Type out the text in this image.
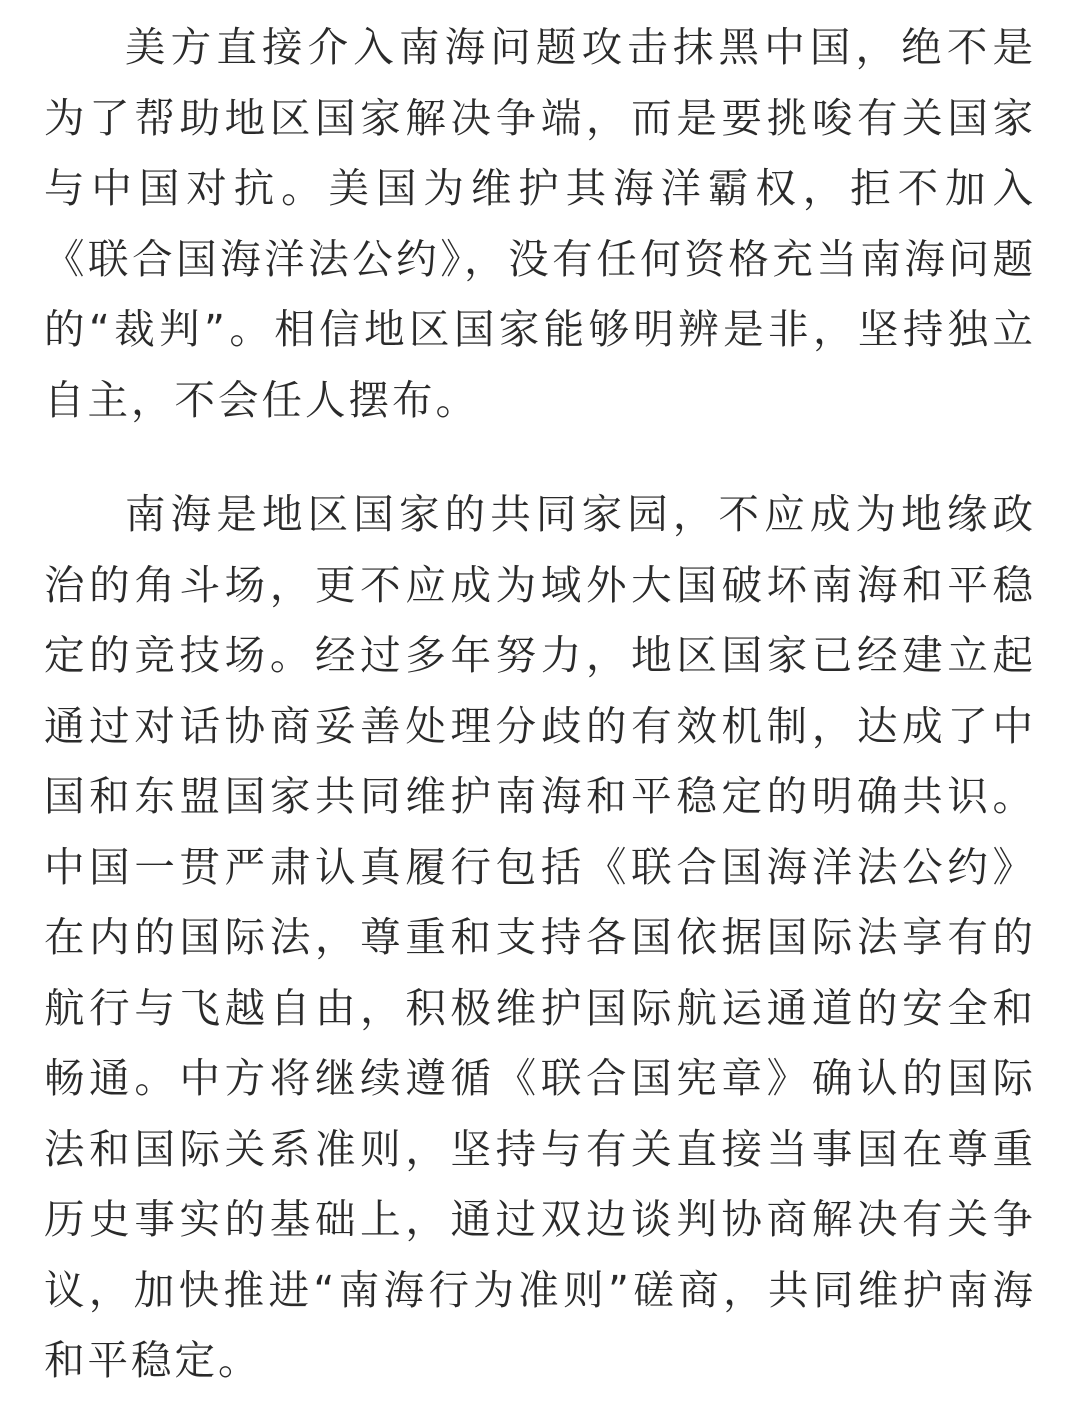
美方直接介入南海问题攻击抹黑中国，绝不是为了帮助地区国家解决争端，而是要挑唆有关国家与中国对抗。美国为维护其海洋霸权，拒不加入《联合国海洋法公约》，没有任何资格充当南海问题的“裁判”。相信地区国家能够明辨是非，坚持独立自主，不会任人摆布。

南海是地区国家的共同家园，不应成为地缘政治的角斗场，更不应成为域外大国破坏南海和平稳定的竞技场。经过多年努力，地区国家已经建立起通过对话协商妥善处理分歧的有效机制，达成了中国和东盟国家共同维护南海和平稳定的明确共识。中国一贯严肃认真履行包括《联合国海洋法公约》在内的国际法，尊重和支持各国依据国际法享有的航行与飞越自由，积极维护国际航运通道的安全和畅通。中方将继续遵循《联合国宪章》确认的国际法和国际关系准则，坚持与有关直接当事国在尊重历史事实的基础上，通过双边谈判协商解决有关争议，加快推进“南海行为准则”磋商，共同维护南海和平稳定。
